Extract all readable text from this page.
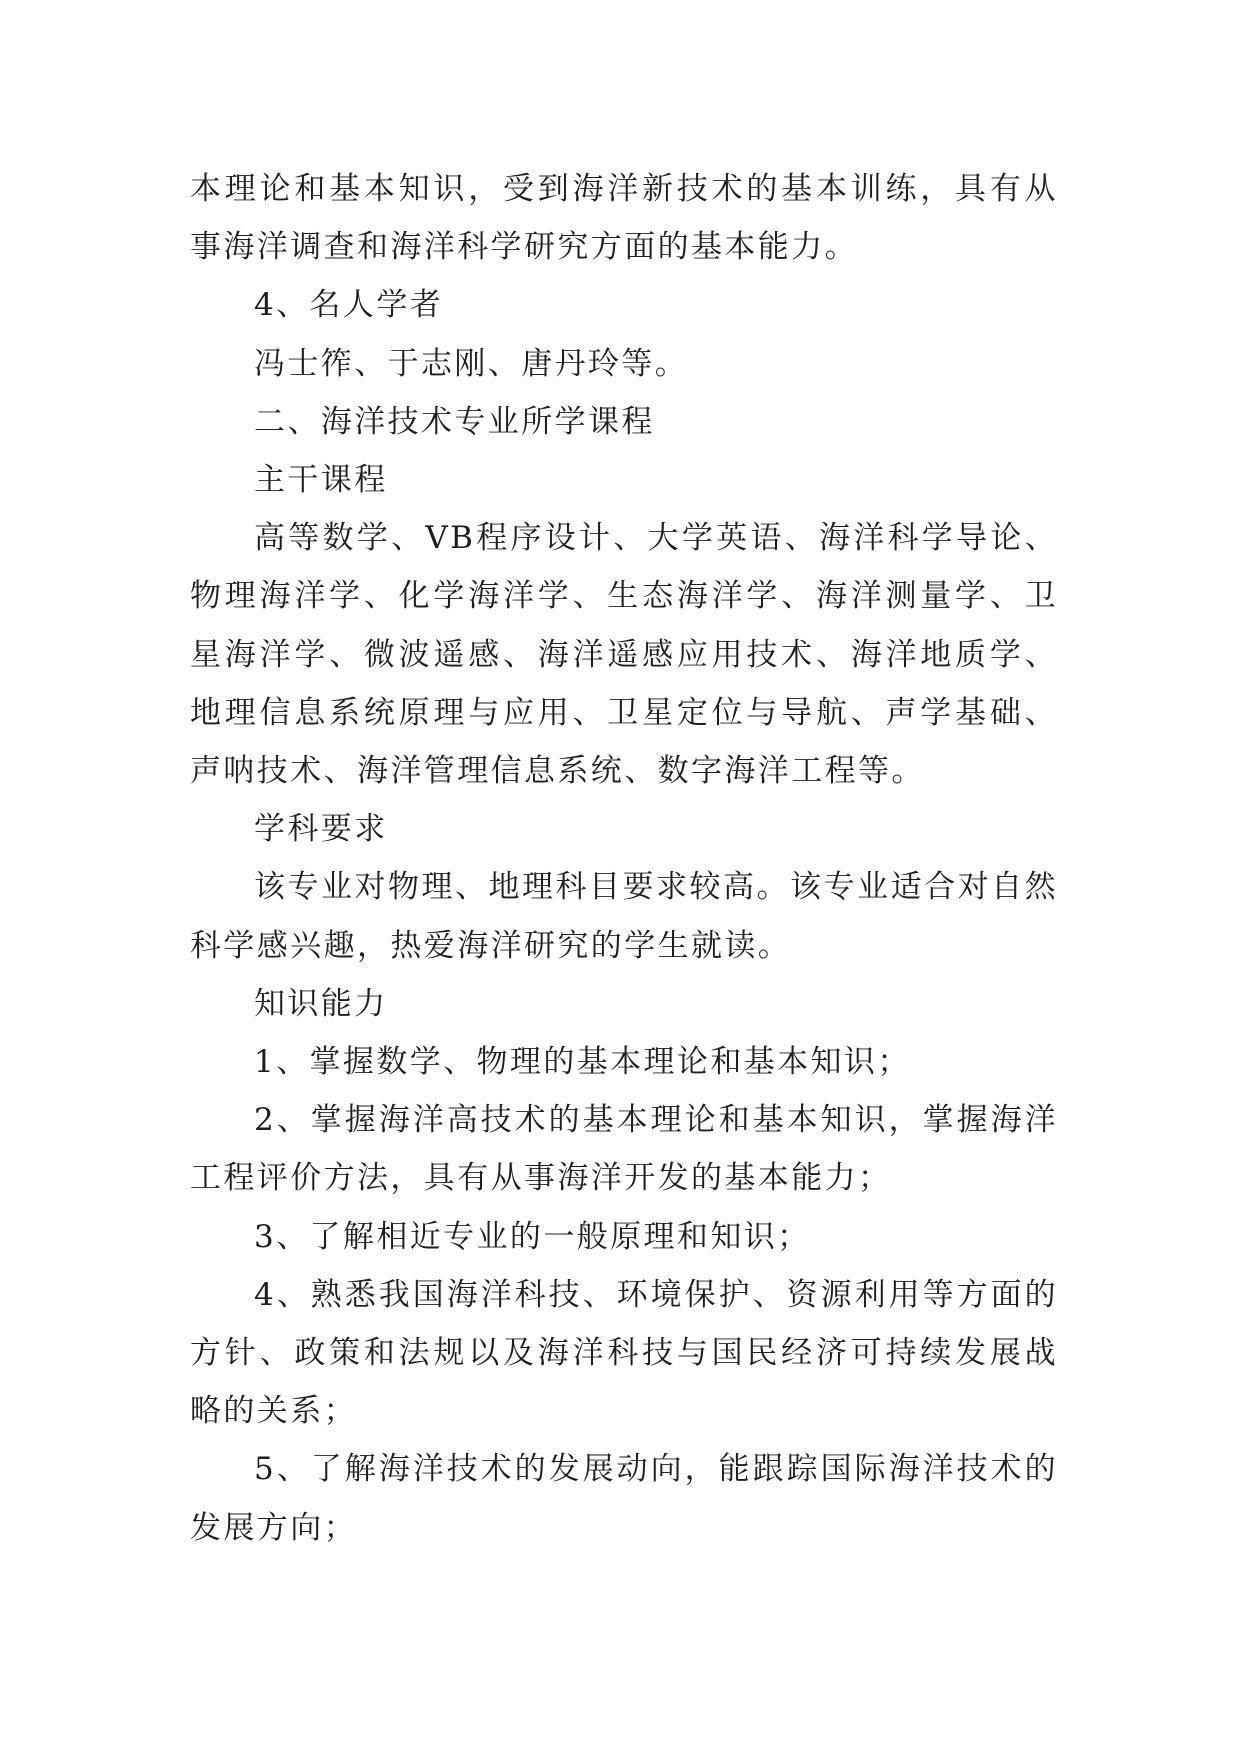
本理论和基本知识，受到海洋新技术的基本训练，具有从事海洋调查和海洋科学研究方面的基本能力。

4、名人学者

冯士筰、于志刚、唐丹玲等。

二、海洋技术专业所学课程

主干课程

高等数学、VB程序设计、大学英语、海洋科学导论、物理海洋学、化学海洋学、生态海洋学、海洋测量学、卫星海洋学、微波遥感、海洋遥感应用技术、海洋地质学、地理信息系统原理与应用、卫星定位与导航、声学基础、声呐技术、海洋管理信息系统、数字海洋工程等。

学科要求

该专业对物理、地理科目要求较高。该专业适合对自然科学感兴趣，热爱海洋研究的学生就读。

知识能力

1、掌握数学、物理的基本理论和基本知识；

2、掌握海洋高技术的基本理论和基本知识，掌握海洋工程评价方法，具有从事海洋开发的基本能力；

3、了解相近专业的一般原理和知识；

4、熟悉我国海洋科技、环境保护、资源利用等方面的方针、政策和法规以及海洋科技与国民经济可持续发展战略的关系；

5、了解海洋技术的发展动向，能跟踪国际海洋技术的发展方向；
